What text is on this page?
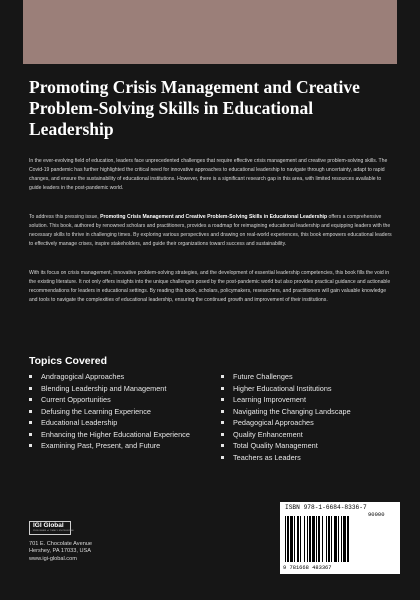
Promoting Crisis Management and Creative Problem-Solving Skills in Educational Leadership

In the ever-evolving field of education, leaders face unprecedented challenges that require effective crisis management and creative problem-solving skills. The Covid-19 pandemic has further highlighted the critical need for innovative approaches to educational leadership to navigate through uncertainty, adapt to rapid changes, and ensure the sustainability of educational institutions. However, there is a significant research gap in this area, with limited resources available to guide leaders in the post-pandemic world.

To address this pressing issue, Promoting Crisis Management and Creative Problem-Solving Skills in Educational Leadership offers a comprehensive solution. This book, authored by renowned scholars and practitioners, provides a roadmap for reimagining educational leadership and equipping leaders with the necessary skills to thrive in challenging times. By exploring various perspectives and drawing on real-world experiences, this book empowers educational leaders to effectively manage crises, inspire stakeholders, and guide their organizations toward success and sustainability.

With its focus on crisis management, innovative problem-solving strategies, and the development of essential leadership competencies, this book fills the void in the existing literature. It not only offers insights into the unique challenges posed by the post-pandemic world but also provides practical guidance and actionable recommendations for leaders in educational settings. By reading this book, scholars, policymakers, researchers, and practitioners will gain valuable knowledge and tools to navigate the complexities of educational leadership, ensuring the continued growth and improvement of their institutions.

Topics Covered
Andragogical Approaches
Blending Leadership and Management
Current Opportunities
Defusing the Learning Experience
Educational Leadership
Enhancing the Higher Educational Experience
Examining Past, Present, and Future
Future Challenges
Higher Educational Institutions
Learning Improvement
Navigating the Changing Landscape
Pedagogical Approaches
Quality Enhancement
Total Quality Management
Teachers as Leaders
IGI Global
PUBLISHER of TIMELY KNOWLEDGE
701 E. Chocolate Avenue
Hershey, PA 17033, USA
www.igi-global.com
ISBN 978-1-6684-8336-7
90000
9 781668 483367
